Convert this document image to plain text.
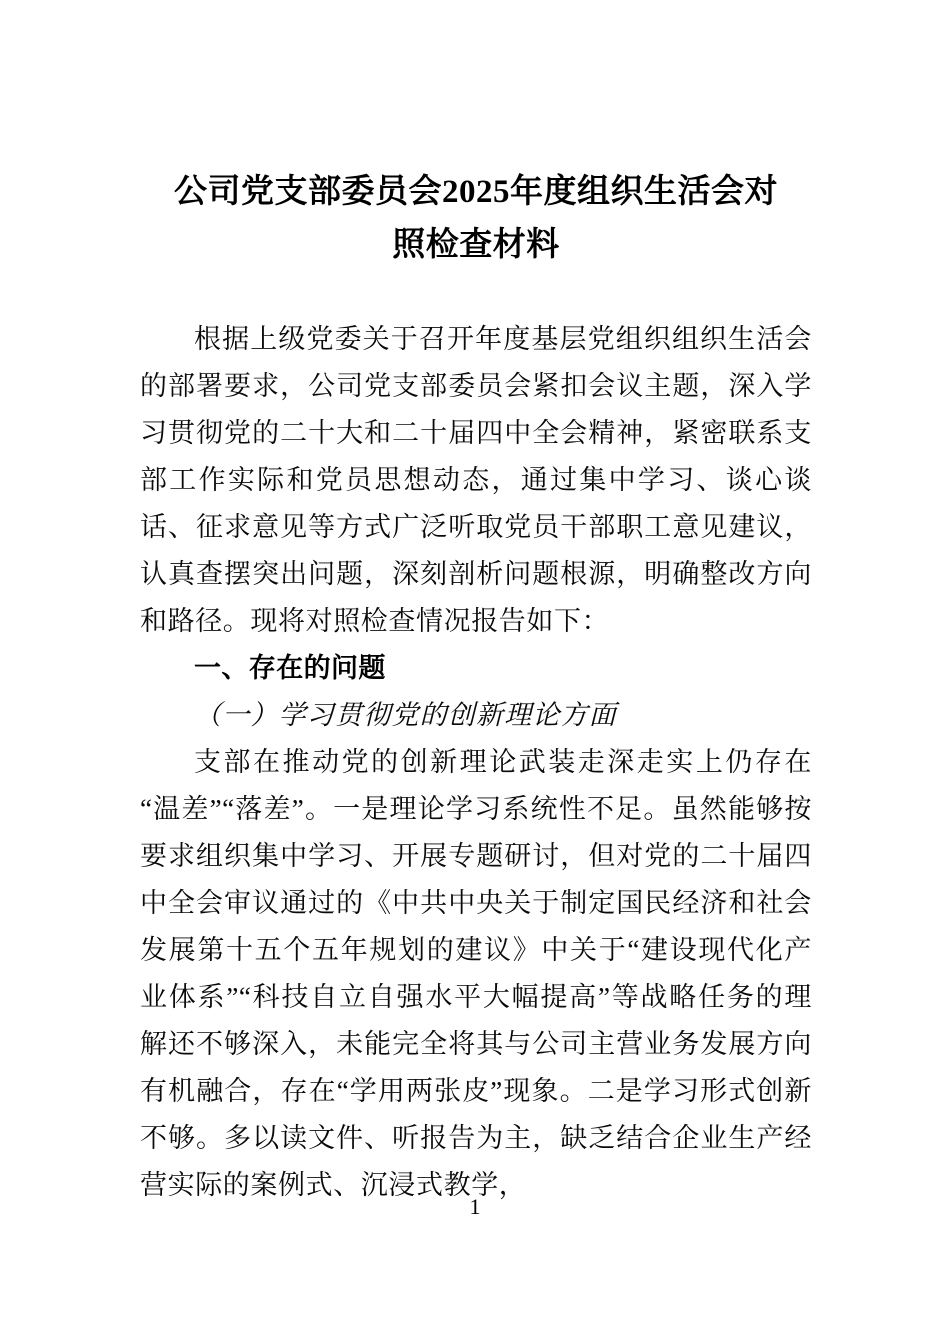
公司党支部委员会2025年度组织生活会对
照检查材料

根据上级党委关于召开年度基层党组织组织生活会的部署要求，公司党支部委员会紧扣会议主题，深入学习贯彻党的二十大和二十届四中全会精神，紧密联系支部工作实际和党员思想动态，通过集中学习、谈心谈话、征求意见等方式广泛听取党员干部职工意见建议，认真查摆突出问题，深刻剖析问题根源，明确整改方向和路径。现将对照检查情况报告如下：

一、存在的问题

（一）学习贯彻党的创新理论方面

支部在推动党的创新理论武装走深走实上仍存在“温差”“落差”。一是理论学习系统性不足。虽然能够按要求组织集中学习、开展专题研讨，但对党的二十届四中全会审议通过的《中共中央关于制定国民经济和社会发展第十五个五年规划的建议》中关于“建设现代化产业体系”“科技自立自强水平大幅提高”等战略任务的理解还不够深入，未能完全将其与公司主营业务发展方向有机融合，存在“学用两张皮”现象。二是学习形式创新不够。多以读文件、听报告为主，缺乏结合企业生产经营实际的案例式、沉浸式教学，

1
